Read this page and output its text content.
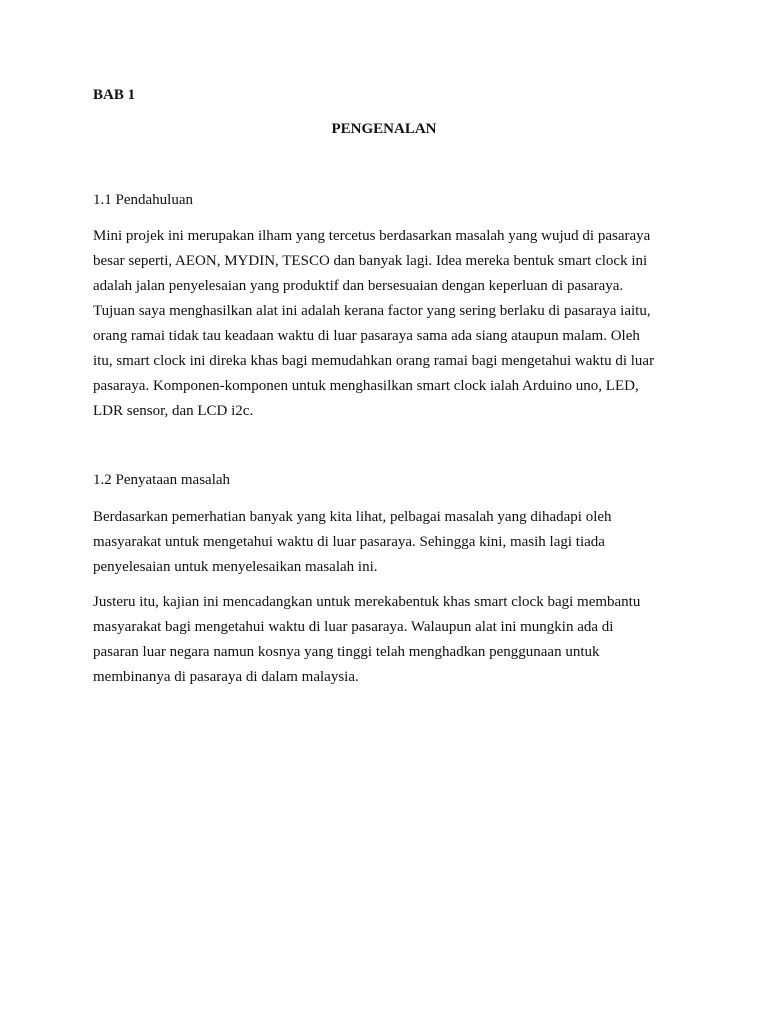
BAB 1

PENGENALAN

1.1 Pendahuluan

Mini projek ini merupakan ilham yang tercetus berdasarkan masalah yang wujud di pasaraya
besar seperti, AEON, MYDIN, TESCO dan banyak lagi. Idea mereka bentuk smart clock ini
adalah jalan penyelesaian yang produktif dan bersesuaian dengan keperluan di pasaraya.
Tujuan saya menghasilkan alat ini adalah kerana factor yang sering berlaku di pasaraya iaitu,
orang ramai tidak tau keadaan waktu di luar pasaraya sama ada siang ataupun malam. Oleh
itu, smart clock ini direka khas bagi memudahkan orang ramai bagi mengetahui waktu di luar
pasaraya. Komponen-komponen untuk menghasilkan smart clock ialah Arduino uno, LED,
LDR sensor, dan LCD i2c.

1.2 Penyataan masalah

Berdasarkan pemerhatian banyak yang kita lihat, pelbagai masalah yang dihadapi oleh
masyarakat untuk mengetahui waktu di luar pasaraya. Sehingga kini, masih lagi tiada
penyelesaian untuk menyelesaikan masalah ini.

Justeru itu, kajian ini mencadangkan untuk merekabentuk khas smart clock bagi membantu
masyarakat bagi mengetahui waktu di luar pasaraya. Walaupun alat ini mungkin ada di
pasaran luar negara namun kosnya yang tinggi telah menghadkan penggunaan untuk
membinanya di pasaraya di dalam malaysia.
